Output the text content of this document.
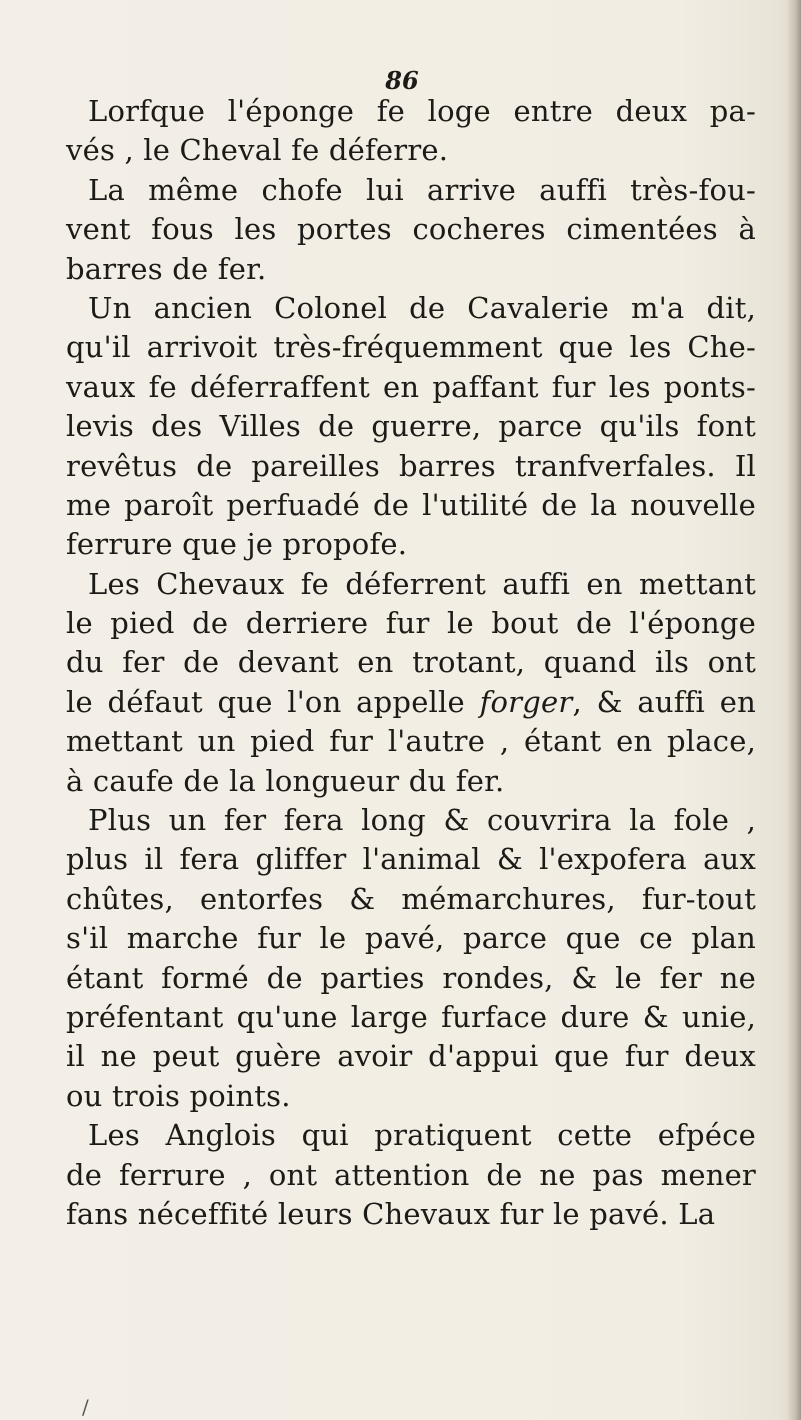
86
Lorfque l'éponge fe loge entre deux pa-
vés , le Cheval fe déferre.
La même chofe lui arrive auffi très-fou-
vent fous les portes cocheres cimentées à
barres de fer.
Un ancien Colonel de Cavalerie m'a dit,
qu'il arrivoit très-fréquemment que les Che-
vaux fe déferraffent en paffant fur les ponts-
levis des Villes de guerre, parce qu'ils font
revêtus de pareilles barres tranfverfales. Il
me paroît perfuadé de l'utilité de la nouvelle
ferrure que je propofe.
Les Chevaux fe déferrent auffi en mettant
le pied de derriere fur le bout de l'éponge
du fer de devant en trotant, quand ils ont
le défaut que l'on appelle forger, & auffi en
mettant un pied fur l'autre , étant en place,
à caufe de la longueur du fer.
Plus un fer fera long & couvrira la fole ,
plus il fera gliffer l'animal & l'expofera aux
chûtes, entorfes & mémarchures, fur-tout
s'il marche fur le pavé, parce que ce plan
étant formé de parties rondes, & le fer ne
préfentant qu'une large furface dure & unie,
il ne peut guère avoir d'appui que fur deux
ou trois points.
Les Anglois qui pratiquent cette efpéce
de ferrure , ont attention de ne pas mener
fans néceffité leurs Chevaux fur le pavé. La
/
